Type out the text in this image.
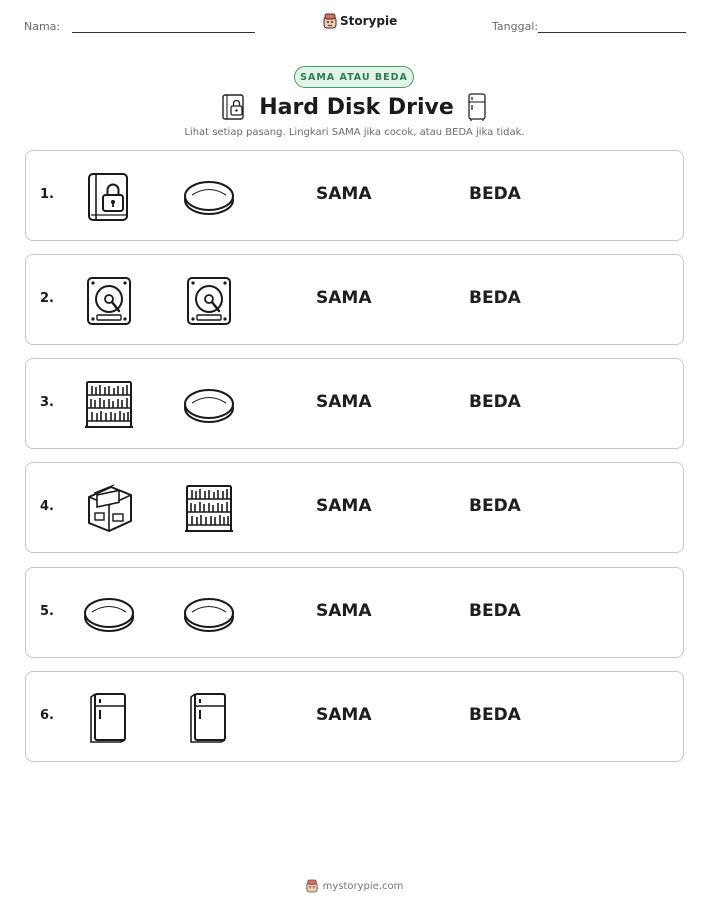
Nama:	Storypie	Tanggal:
SAMA ATAU BEDA
Hard Disk Drive
Lihat setiap pasang. Lingkari SAMA jika cocok, atau BEDA jika tidak.
1.	SAMA	BEDA
2.	SAMA	BEDA
3.	SAMA	BEDA
4.	SAMA	BEDA
5.	SAMA	BEDA
6.	SAMA	BEDA
mystorypie.com
